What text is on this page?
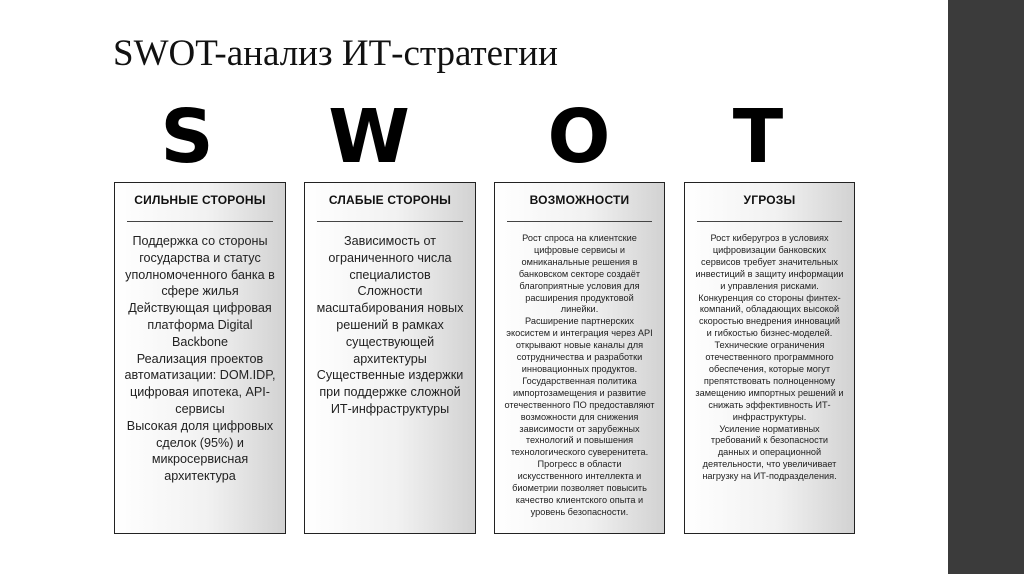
SWOT-анализ ИТ-стратегии
S	W	O	T
СИЛЬНЫЕ СТОРОНЫ
Поддержка со стороны
государства и статус
уполномоченного банка в
сфере жилья
Действующая цифровая
платформа Digital
Backbone
Реализация проектов
автоматизации: DOM.IDP,
цифровая ипотека, API-
сервисы
Высокая доля цифровых
сделок (95%) и
микросервисная
архитектура
СЛАБЫЕ СТОРОНЫ
Зависимость от
ограниченного числа
специалистов
Сложности
масштабирования новых
решений в рамках
существующей
архитектуры
Существенные издержки
при поддержке сложной
ИТ-инфраструктуры
ВОЗМОЖНОСТИ
Рост спроса на клиентские
цифровые сервисы и
омниканальные решения в
банковском секторе создаёт
благоприятные условия для
расширения продуктовой
линейки.
Расширение партнерских
экосистем и интеграция через API
открывают новые каналы для
сотрудничества и разработки
инновационных продуктов.
Государственная политика
импортозамещения и развитие
отечественного ПО предоставляют
возможности для снижения
зависимости от зарубежных
технологий и повышения
технологического суверенитета.
Прогресс в области
искусственного интеллекта и
биометрии позволяет повысить
качество клиентского опыта и
уровень безопасности.
УГРОЗЫ
Рост киберугроз в условиях
цифровизации банковских
сервисов требует значительных
инвестиций в защиту информации
и управления рисками.
Конкуренция со стороны финтех-
компаний, обладающих высокой
скоростью внедрения инноваций
и гибкостью бизнес-моделей.
Технические ограничения
отечественного программного
обеспечения, которые могут
препятствовать полноценному
замещению импортных решений и
снижать эффективность ИТ-
инфраструктуры.
Усиление нормативных
требований к безопасности
данных и операционной
деятельности, что увеличивает
нагрузку на ИТ-подразделения.
